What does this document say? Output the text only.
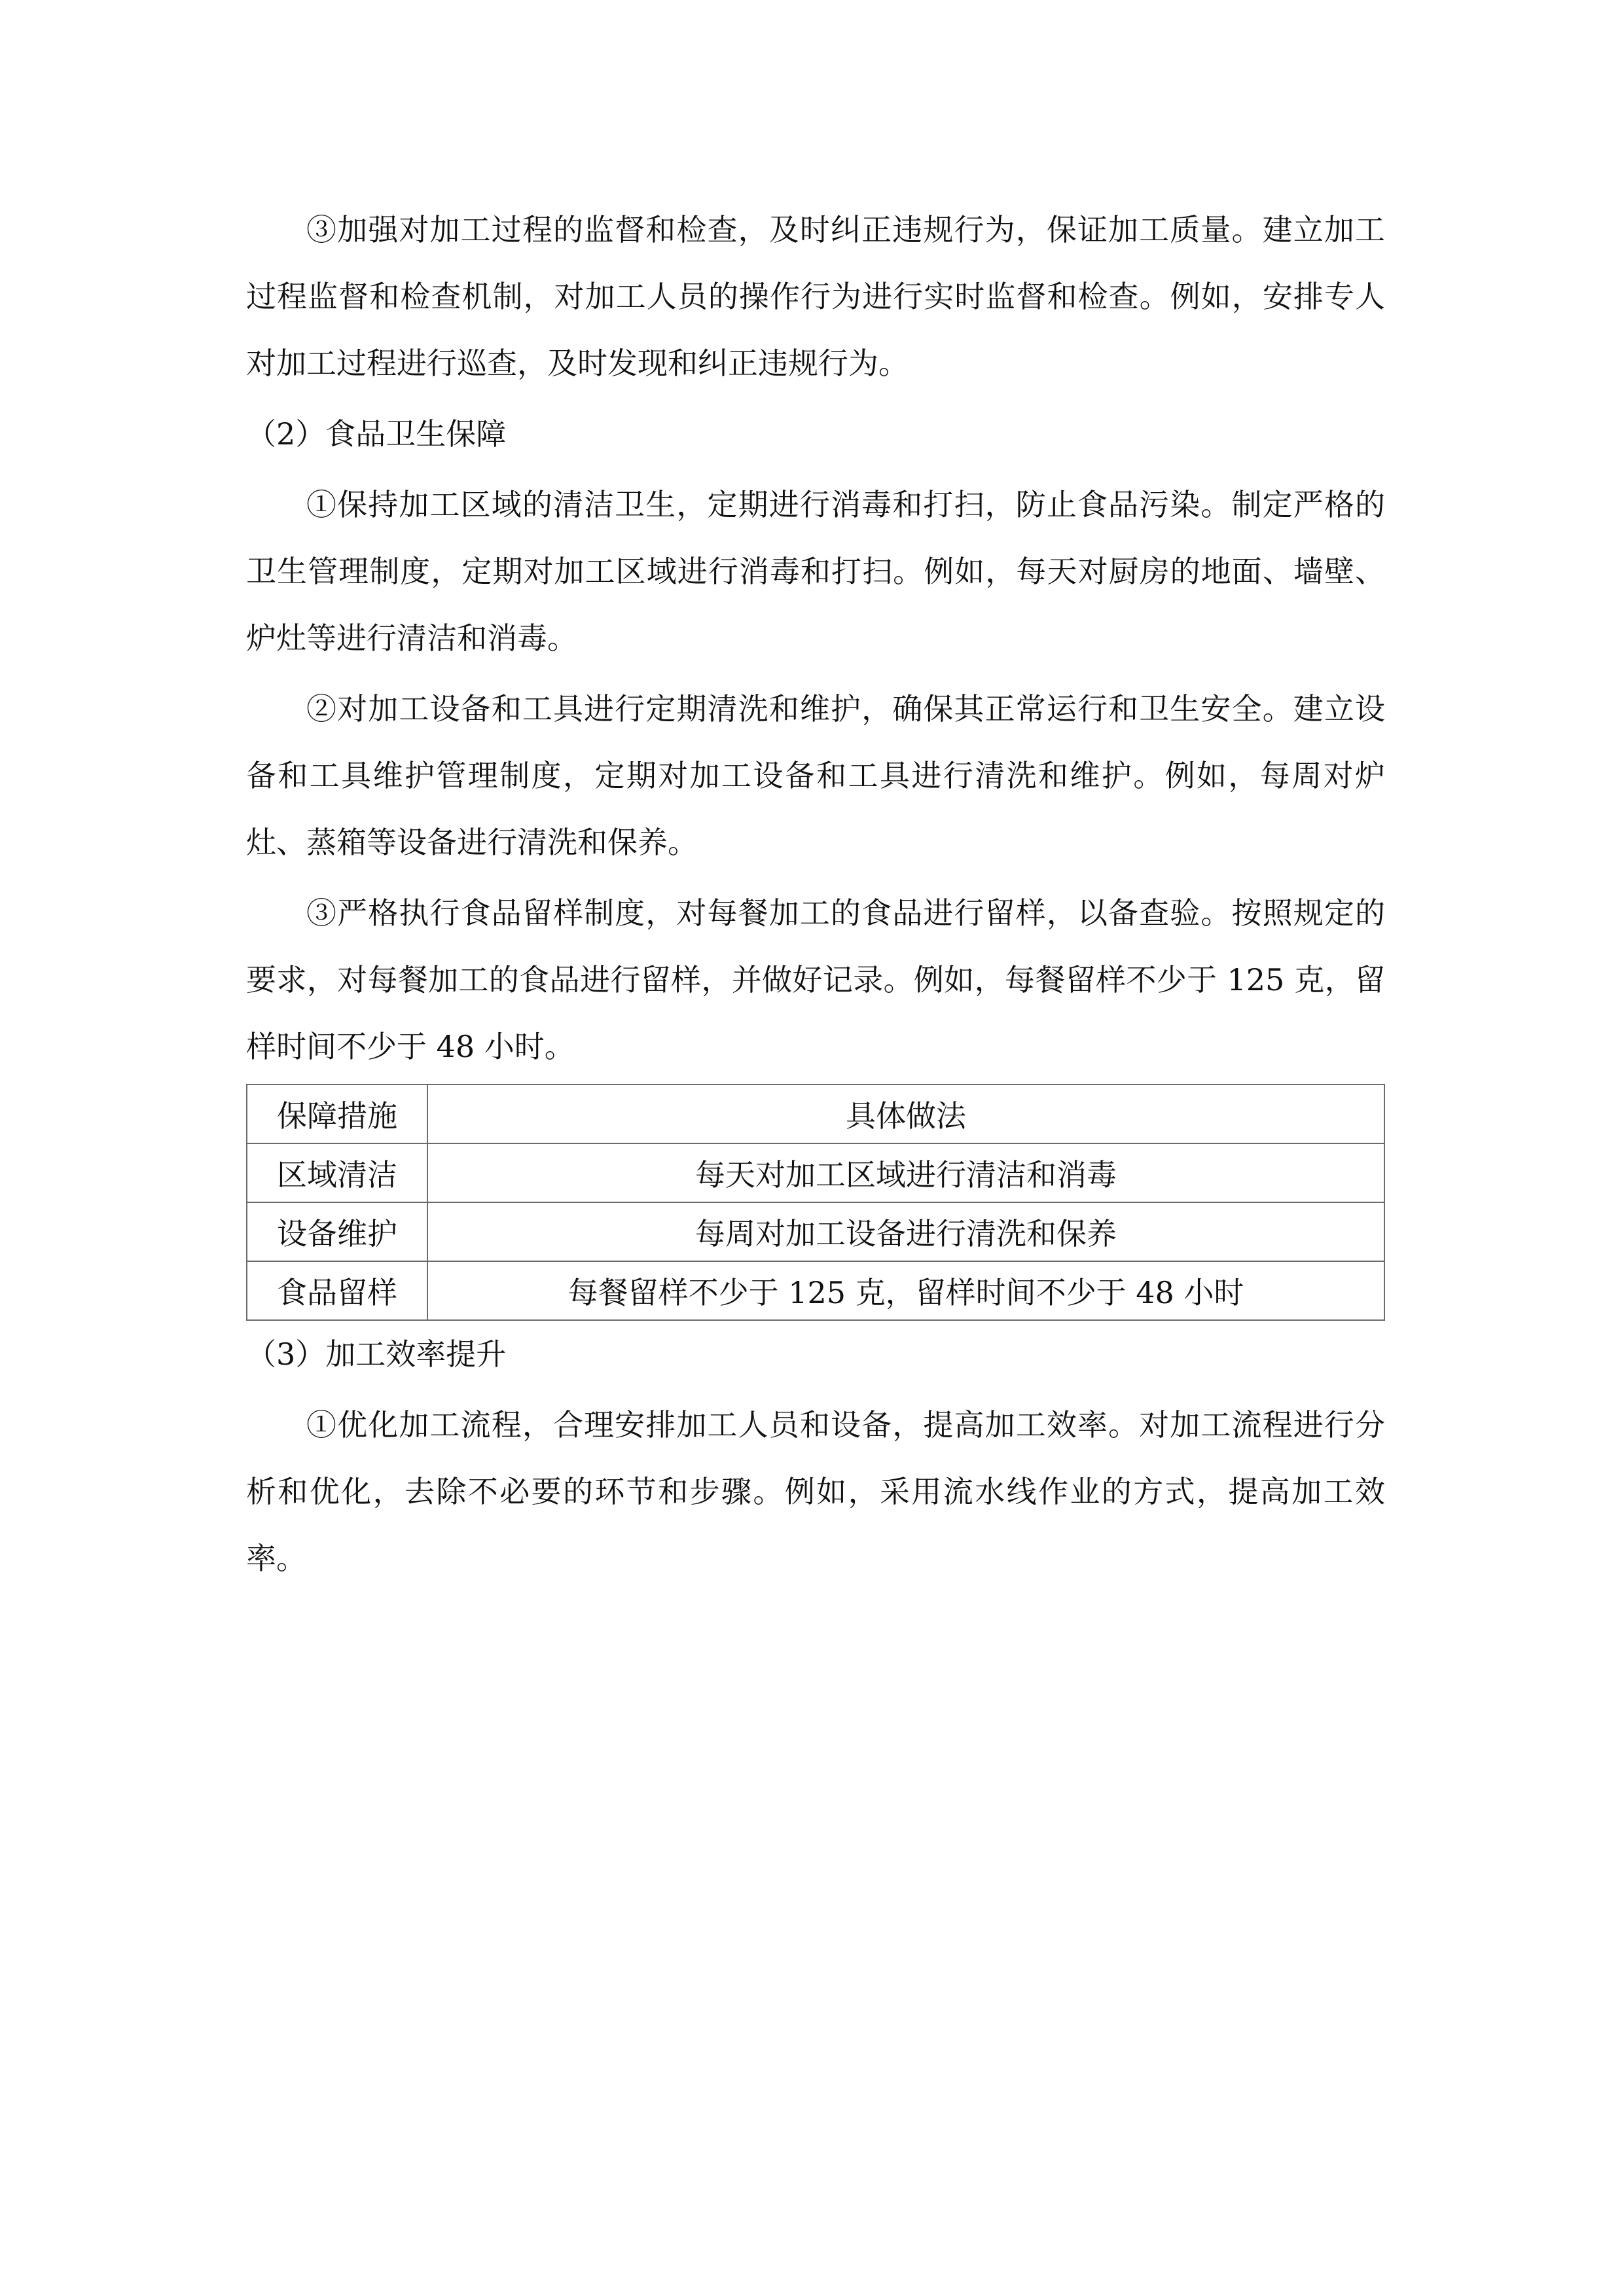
③加强对加工过程的监督和检查，及时纠正违规行为，保证加工质量。建立加工过程监督和检查机制，对加工人员的操作行为进行实时监督和检查。例如，安排专人对加工过程进行巡查，及时发现和纠正违规行为。

（2）食品卫生保障

①保持加工区域的清洁卫生，定期进行消毒和打扫，防止食品污染。制定严格的卫生管理制度，定期对加工区域进行消毒和打扫。例如，每天对厨房的地面、墙壁、炉灶等进行清洁和消毒。

②对加工设备和工具进行定期清洗和维护，确保其正常运行和卫生安全。建立设备和工具维护管理制度，定期对加工设备和工具进行清洗和维护。例如，每周对炉灶、蒸箱等设备进行清洗和保养。

③严格执行食品留样制度，对每餐加工的食品进行留样，以备查验。按照规定的要求，对每餐加工的食品进行留样，并做好记录。例如，每餐留样不少于 125 克，留样时间不少于 48 小时。

保障措施	具体做法
区域清洁	每天对加工区域进行清洁和消毒
设备维护	每周对加工设备进行清洗和保养
食品留样	每餐留样不少于 125 克，留样时间不少于 48 小时

（3）加工效率提升

①优化加工流程，合理安排加工人员和设备，提高加工效率。对加工流程进行分析和优化，去除不必要的环节和步骤。例如，采用流水线作业的方式，提高加工效率。
